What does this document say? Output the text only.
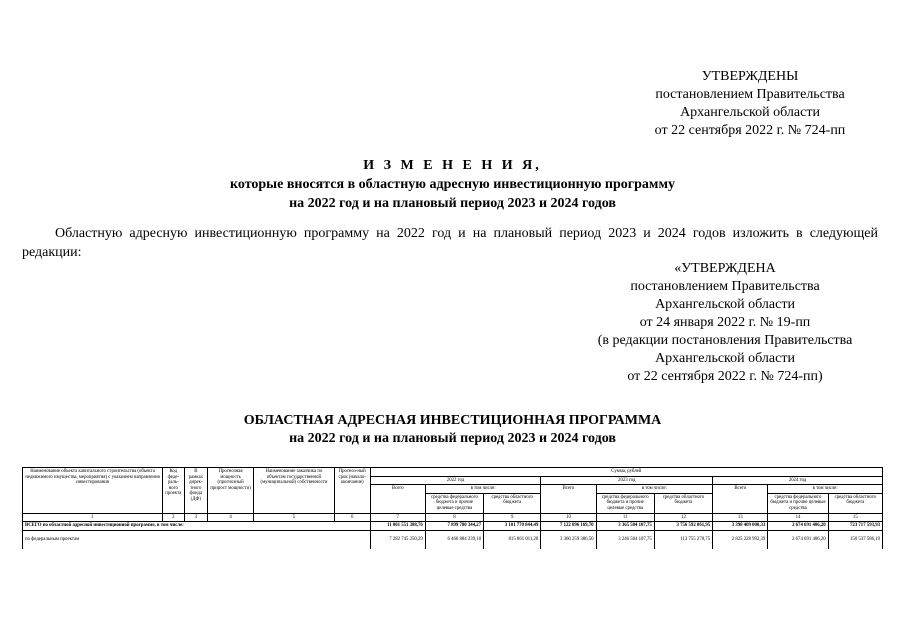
УТВЕРЖДЕНЫ
постановлением Правительства
Архангельской области
от 22 сентября 2022 г. № 724-пп
И З М Е Н Е Н И Я,
которые вносятся в областную адресную инвестиционную программу
на 2022 год и на плановый период 2023 и 2024 годов
Областную адресную инвестиционную программу на 2022 год и на плановый период 2023 и 2024 годов изложить в следующей редакции:
«УТВЕРЖДЕНА
постановлением Правительства
Архангельской области
от 24 января 2022 г. № 19-пп
(в редакции постановления Правительства
Архангельской области
от 22 сентября 2022 г. № 724-пп)
ОБЛАСТНАЯ АДРЕСНАЯ ИНВЕСТИЦИОННАЯ ПРОГРАММА
на 2022 год и на плановый период 2023 и 2024 годов
Наименование объекта капитального строительства (объекта недвижимого имущества, мероприятия) с указанием направления инвестирования	Код феде-раль-ного проекта	В рамках дирек-тного фонда (ДФ)	Прогнозная мощность (прогнозный прирост мощности)	Наименование заказчика по объектам государственной (муниципальной) собственности	Прогноз-ный срок (начало-окончание)	Сумма, рублей								
						2022 год			2023 год			2024 год		
						Всего	в том числе:		Всего	в том числе:		Всего	в том числе:	
							средства федерального бюджета и прочие целевые средства	средства областного бюджета		средства федерального бюджета и прочие целевые средства	средства областного бюджета		средства федерального бюджета и прочие целевые средства	средства областного бюджета
1	2	3	4	5	6	7	8	9	10	11	12	13	14	15
ВСЕГО по областной адресной инвестиционной программе, в том числе:						11 001 551 388,76	7 899 780 344,27	3 101 770 844,49	7 122 096 169,70	3 365 504 107,75	3 756 592 061,95	3 398 409 000,33	2 674 691 406,20	723 717 593,93
по федеральным проектам						7 282 745 250,29	6 466 884 239,10	815 861 011,20	3 360 259 386,50	3 246 504 107,75	113 755 278,75	2 825 228 992,39	2 674 691 406,20	150 537 586,19
